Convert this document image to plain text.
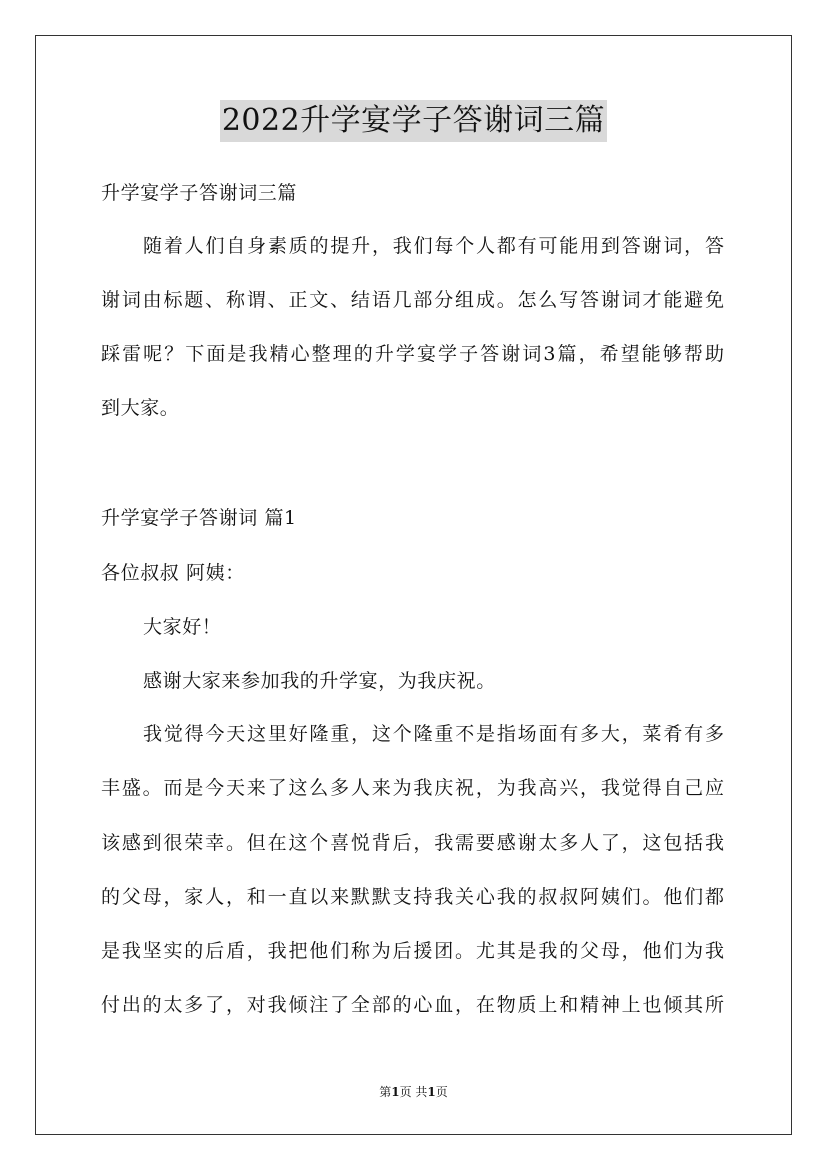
2022升学宴学子答谢词三篇
升学宴学子答谢词三篇
随着人们自身素质的提升，我们每个人都有可能用到答谢词，答
谢词由标题、称谓、正文、结语几部分组成。怎么写答谢词才能避免
踩雷呢？下面是我精心整理的升学宴学子答谢词3篇，希望能够帮助
到大家。
升学宴学子答谢词 篇1
各位叔叔 阿姨：
大家好！
感谢大家来参加我的升学宴，为我庆祝。
我觉得今天这里好隆重，这个隆重不是指场面有多大，菜肴有多
丰盛。而是今天来了这么多人来为我庆祝，为我高兴，我觉得自己应
该感到很荣幸。但在这个喜悦背后，我需要感谢太多人了，这包括我
的父母，家人，和一直以来默默支持我关心我的叔叔阿姨们。他们都
是我坚实的后盾，我把他们称为后援团。尤其是我的父母，他们为我
付出的太多了，对我倾注了全部的心血，在物质上和精神上也倾其所
第1页 共1页
